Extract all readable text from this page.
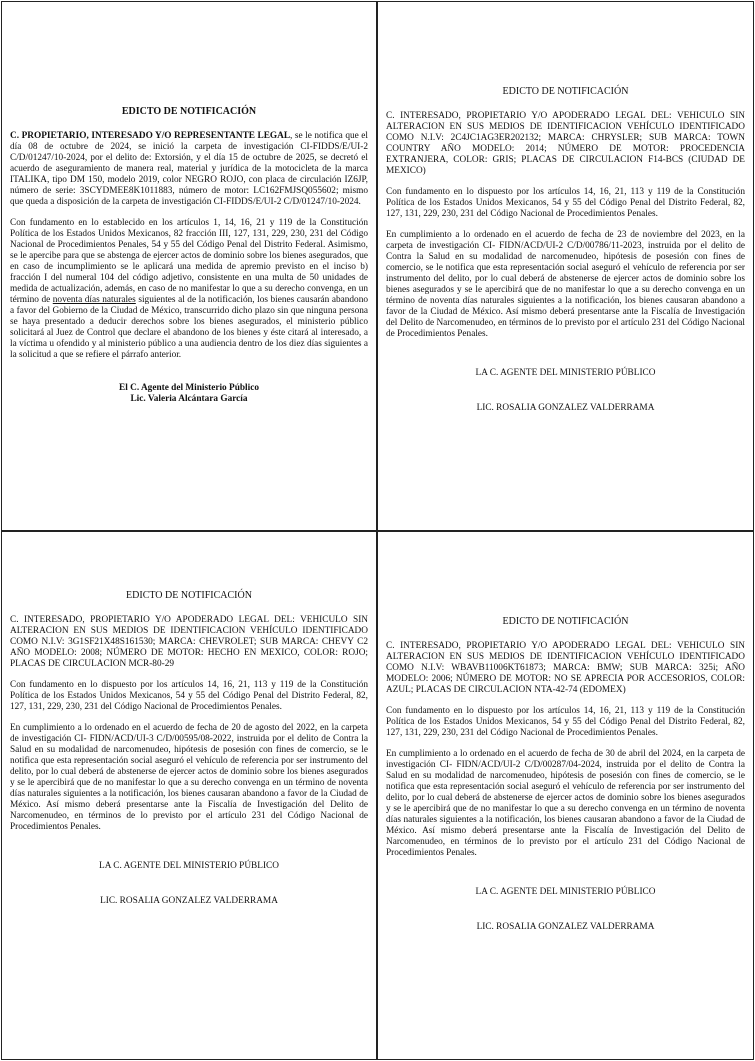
EDICTO DE NOTIFICACIÓN

C. PROPIETARIO, INTERESADO Y/O REPRESENTANTE LEGAL, se le notifica que el día 08 de octubre de 2024, se inició la carpeta de investigación CI-FIDDS/E/UI-2 C/D/01247/10-2024, por el delito de: Extorsión, y el día 15 de octubre de 2025, se decretó el acuerdo de aseguramiento de manera real, material y jurídica de la motocicleta de la marca ITALIKA, tipo DM 150, modelo 2019, color NEGRO ROJO, con placa de circulación IZ6JP, número de serie: 3SCYDMEE8K1011883, número de motor: LC162FMJSQ055602; mismo que queda a disposición de la carpeta de investigación CI-FIDDS/E/UI-2 C/D/01247/10-2024.

Con fundamento en lo establecido en los artículos 1, 14, 16, 21 y 119 de la Constitución Política de los Estados Unidos Mexicanos, 82 fracción III, 127, 131, 229, 230, 231 del Código Nacional de Procedimientos Penales, 54 y 55 del Código Penal del Distrito Federal. Asimismo, se le apercibe para que se abstenga de ejercer actos de dominio sobre los bienes asegurados, que en caso de incumplimiento se le aplicará una medida de apremio previsto en el inciso b) fracción I del numeral 104 del código adjetivo, consistente en una multa de 50 unidades de medida de actualización, además, en caso de no manifestar lo que a su derecho convenga, en un término de noventa días naturales siguientes al de la notificación, los bienes causarán abandono a favor del Gobierno de la Ciudad de México, transcurrido dicho plazo sin que ninguna persona se haya presentado a deducir derechos sobre los bienes asegurados, el ministerio público solicitará al Juez de Control que declare el abandono de los bienes y éste citará al interesado, a la víctima u ofendido y al ministerio público a una audiencia dentro de los diez días siguientes a la solicitud a que se refiere el párrafo anterior.

El C. Agente del Ministerio Público
Lic. Valeria Alcántara García
EDICTO DE NOTIFICACIÓN

C. INTERESADO, PROPIETARIO Y/O APODERADO LEGAL DEL: VEHICULO SIN ALTERACION EN SUS MEDIOS DE IDENTIFICACION VEHÍCULO IDENTIFICADO COMO N.I.V: 2C4JC1AG3ER202132; MARCA: CHRYSLER; SUB MARCA: TOWN COUNTRY AÑO MODELO: 2014; NÚMERO DE MOTOR: PROCEDENCIA EXTRANJERA, COLOR: GRIS; PLACAS DE CIRCULACION F14-BCS (CIUDAD DE MEXICO)

Con fundamento en lo dispuesto por los artículos 14, 16, 21, 113 y 119 de la Constitución Política de los Estados Unidos Mexicanos, 54 y 55 del Código Penal del Distrito Federal, 82, 127, 131, 229, 230, 231 del Código Nacional de Procedimientos Penales.

En cumplimiento a lo ordenado en el acuerdo de fecha de 23 de noviembre del 2023, en la carpeta de investigación CI- FIDN/ACD/UI-2 C/D/00786/11-2023, instruida por el delito de Contra la Salud en su modalidad de narcomenudeo, hipótesis de posesión con fines de comercio, se le notifica que esta representación social aseguró el vehículo de referencia por ser instrumento del delito, por lo cual deberá de abstenerse de ejercer actos de dominio sobre los bienes asegurados y se le apercibirá que de no manifestar lo que a su derecho convenga en un término de noventa días naturales siguientes a la notificación, los bienes causaran abandono a favor de la Ciudad de México. Así mismo deberá presentarse ante la Fiscalía de Investigación del Delito de Narcomenudeo, en términos de lo previsto por el artículo 231 del Código Nacional de Procedimientos Penales.

LA C. AGENTE DEL MINISTERIO PÚBLICO
LIC. ROSALIA GONZALEZ VALDERRAMA
EDICTO DE NOTIFICACIÓN

C. INTERESADO, PROPIETARIO Y/O APODERADO LEGAL DEL: VEHICULO SIN ALTERACION EN SUS MEDIOS DE IDENTIFICACION VEHÍCULO IDENTIFICADO COMO N.I.V: 3G1SF21X48S161530; MARCA: CHEVROLET; SUB MARCA: CHEVY C2 AÑO MODELO: 2008; NÚMERO DE MOTOR: HECHO EN MEXICO, COLOR: ROJO; PLACAS DE CIRCULACION MCR-80-29

Con fundamento en lo dispuesto por los artículos 14, 16, 21, 113 y 119 de la Constitución Política de los Estados Unidos Mexicanos, 54 y 55 del Código Penal del Distrito Federal, 82, 127, 131, 229, 230, 231 del Código Nacional de Procedimientos Penales.

En cumplimiento a lo ordenado en el acuerdo de fecha de 20 de agosto del 2022, en la carpeta de investigación CI- FIDN/ACD/UI-3 C/D/00595/08-2022, instruida por el delito de Contra la Salud en su modalidad de narcomenudeo, hipótesis de posesión con fines de comercio, se le notifica que esta representación social aseguró el vehículo de referencia por ser instrumento del delito, por lo cual deberá de abstenerse de ejercer actos de dominio sobre los bienes asegurados y se le apercibirá que de no manifestar lo que a su derecho convenga en un término de noventa días naturales siguientes a la notificación, los bienes causaran abandono a favor de la Ciudad de México. Así mismo deberá presentarse ante la Fiscalía de Investigación del Delito de Narcomenudeo, en términos de lo previsto por el artículo 231 del Código Nacional de Procedimientos Penales.

LA C. AGENTE DEL MINISTERIO PÚBLICO
LIC. ROSALIA GONZALEZ VALDERRAMA
EDICTO DE NOTIFICACIÓN

C. INTERESADO, PROPIETARIO Y/O APODERADO LEGAL DEL: VEHICULO SIN ALTERACION EN SUS MEDIOS DE IDENTIFICACION VEHÍCULO IDENTIFICADO COMO N.I.V: WBAVB11006KT61873; MARCA: BMW; SUB MARCA: 325i; AÑO MODELO: 2006; NÚMERO DE MOTOR: NO SE APRECIA POR ACCESORIOS, COLOR: AZUL; PLACAS DE CIRCULACION NTA-42-74 (EDOMEX)

Con fundamento en lo dispuesto por los artículos 14, 16, 21, 113 y 119 de la Constitución Política de los Estados Unidos Mexicanos, 54 y 55 del Código Penal del Distrito Federal, 82, 127, 131, 229, 230, 231 del Código Nacional de Procedimientos Penales.

En cumplimiento a lo ordenado en el acuerdo de fecha de 30 de abril del 2024, en la carpeta de investigación CI- FIDN/ACD/UI-2 C/D/00287/04-2024, instruida por el delito de Contra la Salud en su modalidad de narcomenudeo, hipótesis de posesión con fines de comercio, se le notifica que esta representación social aseguró el vehículo de referencia por ser instrumento del delito, por lo cual deberá de abstenerse de ejercer actos de dominio sobre los bienes asegurados y se le apercibirá que de no manifestar lo que a su derecho convenga en un término de noventa días naturales siguientes a la notificación, los bienes causaran abandono a favor de la Ciudad de México. Así mismo deberá presentarse ante la Fiscalía de Investigación del Delito de Narcomenudeo, en términos de lo previsto por el artículo 231 del Código Nacional de Procedimientos Penales.

LA C. AGENTE DEL MINISTERIO PÚBLICO
LIC. ROSALIA GONZALEZ VALDERRAMA
